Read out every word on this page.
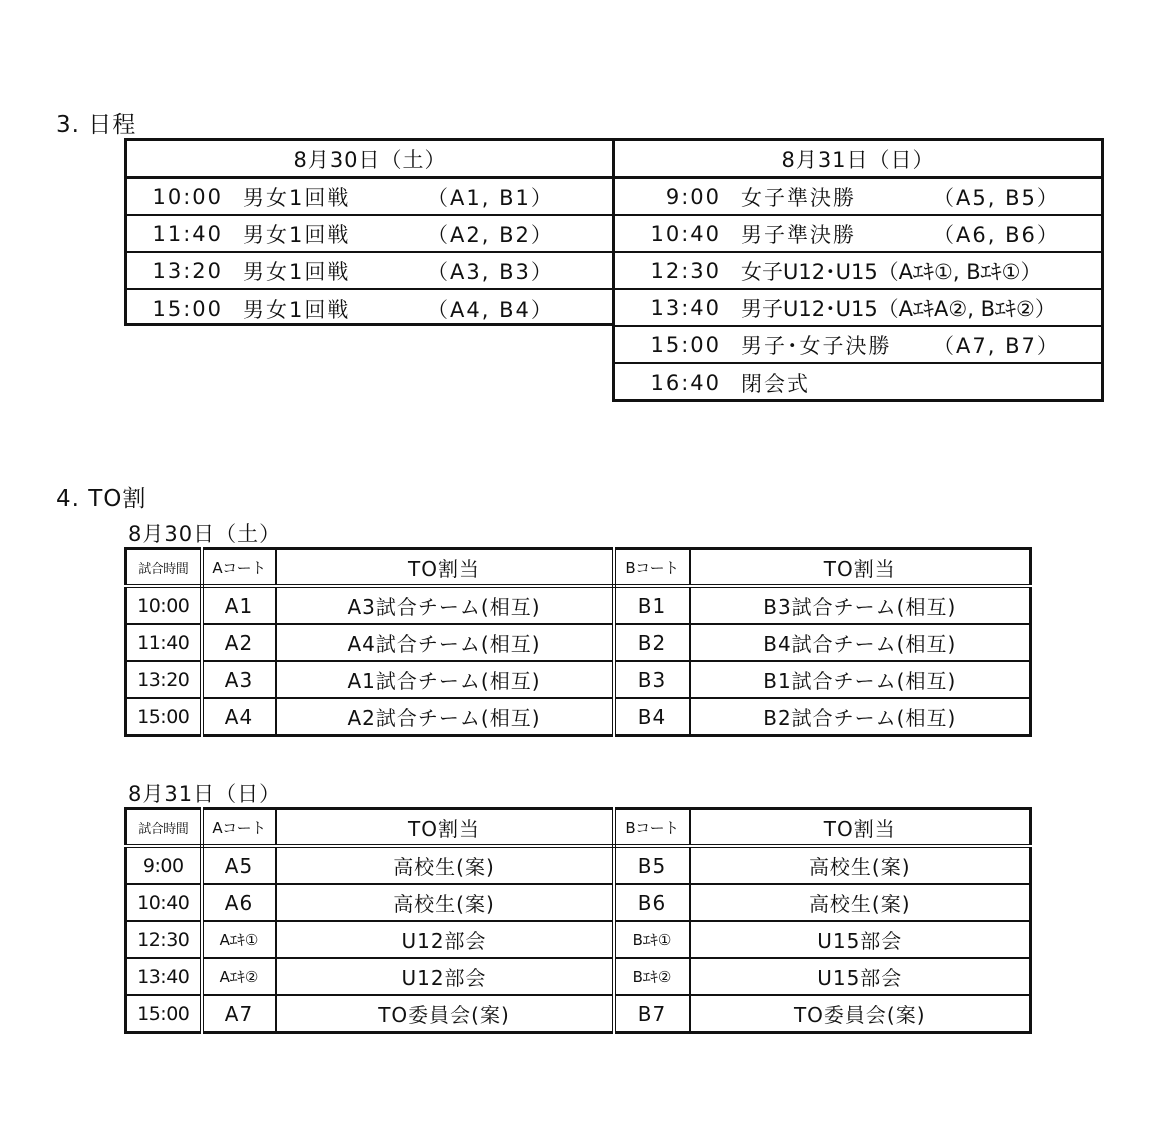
3. 日程
8月30日（土）
10:00 男女1回戦	（A1, B1）
11:40 男女1回戦	（A2, B2）
13:20 男女1回戦	（A3, B3）
15:00 男女1回戦	（A4, B4）
8月31日（日）
9:00 女子準決勝	（A5, B5）
10:40 男子準決勝	（A6, B6）
12:30 女子U12･U15（Aｴｷ①, Bｴｷ①）
13:40 男子U12･U15（AｴｷA②, Bｴｷ②）
15:00 男子･女子決勝 （A7, B7）
16:40 閉会式
4. TO割
8月30日（土）
試合時間	Aコート	TO割当	Bコート	TO割当
10:00	A1	A3試合チーム(相互)	B1	B3試合チーム(相互)
11:40	A2	A4試合チーム(相互)	B2	B4試合チーム(相互)
13:20	A3	A1試合チーム(相互)	B3	B1試合チーム(相互)
15:00	A4	A2試合チーム(相互)	B4	B2試合チーム(相互)
8月31日（日）
試合時間	Aコート	TO割当	Bコート	TO割当
9:00	A5	高校生(案)	B5	高校生(案)
10:40	A6	高校生(案)	B6	高校生(案)
12:30	Aｴｷ①	U12部会	Bｴｷ①	U15部会
13:40	Aｴｷ②	U12部会	Bｴｷ②	U15部会
15:00	A7	TO委員会(案)	B7	TO委員会(案)
